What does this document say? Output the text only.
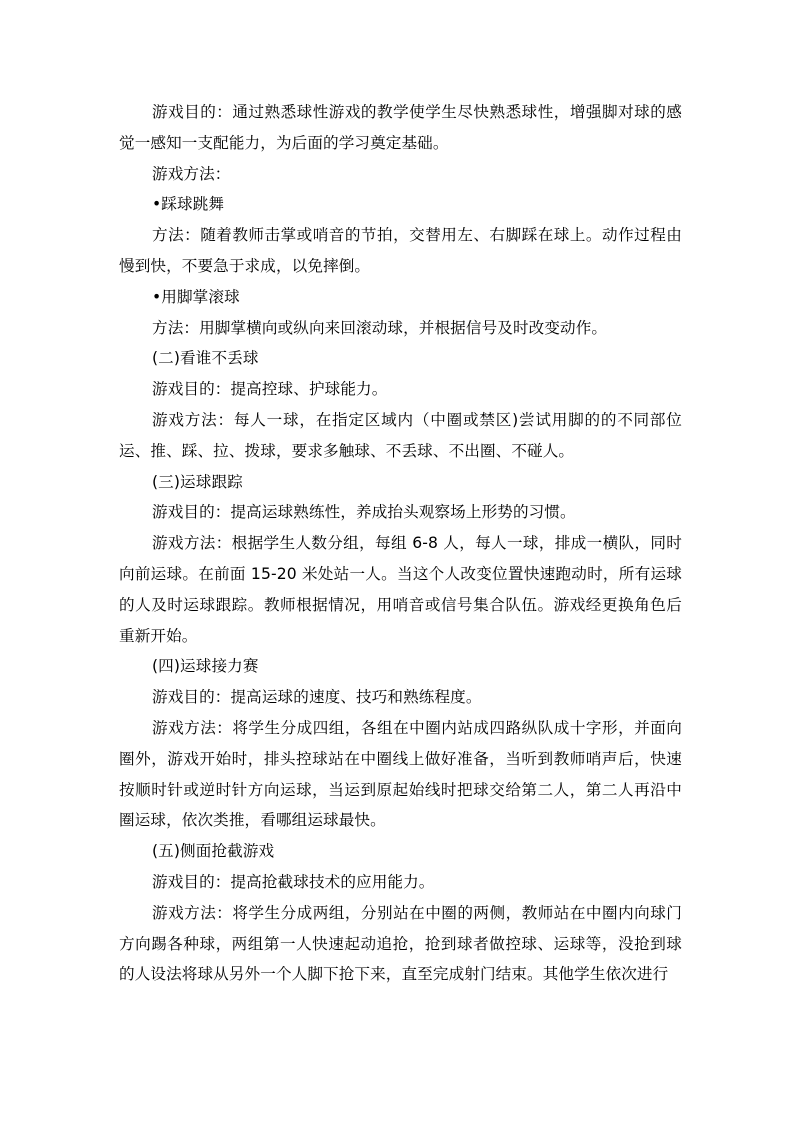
游戏目的：通过熟悉球性游戏的教学使学生尽快熟悉球性，增强脚对球的感觉一感知一支配能力，为后面的学习奠定基础。

游戏方法：

•踩球跳舞

方法：随着教师击掌或哨音的节拍，交替用左、右脚踩在球上。动作过程由慢到快，不要急于求成，以免摔倒。

•用脚掌滚球

方法：用脚掌横向或纵向来回滚动球，并根据信号及时改变动作。

(二)看谁不丢球

游戏目的：提高控球、护球能力。

游戏方法：每人一球，在指定区域内（中圈或禁区)尝试用脚的的不同部位运、推、踩、拉、拨球，要求多触球、不丢球、不出圈、不碰人。

(三)运球跟踪

游戏目的：提高运球熟练性，养成抬头观察场上形势的习惯。

游戏方法：根据学生人数分组，每组 6-8 人，每人一球，排成一横队，同时向前运球。在前面 15-20 米处站一人。当这个人改变位置快速跑动时，所有运球的人及时运球跟踪。教师根据情况，用哨音或信号集合队伍。游戏经更换角色后重新开始。

(四)运球接力赛

游戏目的：提高运球的速度、技巧和熟练程度。

游戏方法：将学生分成四组，各组在中圈内站成四路纵队成十字形，并面向圈外，游戏开始时，排头控球站在中圈线上做好准备，当听到教师哨声后，快速按顺时针或逆时针方向运球，当运到原起始线时把球交给第二人，第二人再沿中圈运球，依次类推，看哪组运球最快。

(五)侧面抢截游戏

游戏目的：提高抢截球技术的应用能力。

游戏方法：将学生分成两组，分别站在中圈的两侧，教师站在中圈内向球门方向踢各种球，两组第一人快速起动追抢，抢到球者做控球、运球等，没抢到球的人设法将球从另外一个人脚下抢下来，直至完成射门结束。其他学生依次进行
